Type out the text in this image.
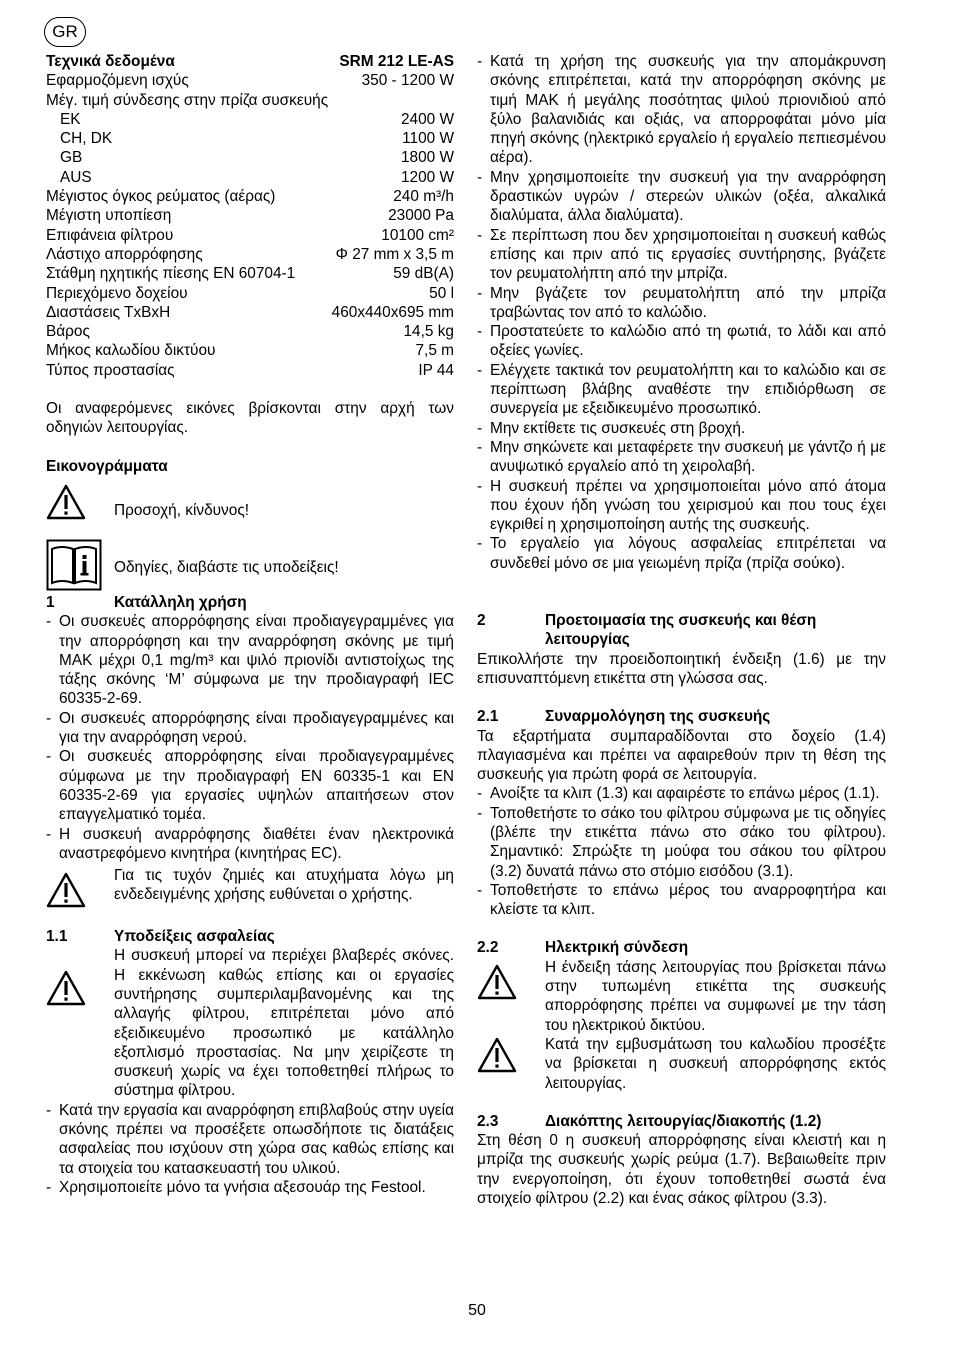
GR
Τεχνικά δεδομένα	SRM 212 LE-AS
Εφαρμοζόμενη ισχύς	350 - 1200 W
Μέγ. τιμή σύνδεσης στην πρίζα συσκευής
EK	2400 W
CH, DK	1100 W
GB	1800 W
AUS	1200 W
Μέγιστος όγκος ρεύματος (αέρας)	240 m³/h
Μέγιστη υποπίεση	23000 Pa
Επιφάνεια φίλτρου	10100 cm²
Λάστιχο απορρόφησης	Φ 27 mm x 3,5 m
Στάθμη ηχητικής πίεσης EN 60704-1	59 dB(A)
Περιεχόμενο δοχείου	50 l
Διαστάσεις ΤxΒxΗ	460x440x695 mm
Βάρος	14,5 kg
Μήκος καλωδίου δικτύου	7,5 m
Τύπος προστασίας	IP 44
Οι αναφερόμενες εικόνες βρίσκονται στην αρχή των οδηγιών λειτουργίας.
Εικονογράμματα
Προσοχή, κίνδυνος!
Οδηγίες, διαβάστε τις υποδείξεις!
1	Κατάλληλη χρήση
- Οι συσκευές απορρόφησης είναι προδιαγεγραμμένες για την απορρόφηση και την αναρρόφηση σκόνης με τιμή MAK μέχρι 0,1 mg/m³ και ψιλό πριονίδι αντιστοίχως της τάξης σκόνης ‘M’ σύμφωνα με την προδιαγραφή IEC 60335-2-69.
- Οι συσκευές απορρόφησης είναι προδιαγεγραμμένες και για την αναρρόφηση νερού.
- Οι συσκευές απορρόφησης είναι προδιαγεγραμμένες σύμφωνα με την προδιαγραφή EN 60335-1 και EN 60335-2-69 για εργασίες υψηλών απαιτήσεων στον επαγγελματικό τομέα.
- Η συσκευή αναρρόφησης διαθέτει έναν ηλεκτρονικά αναστρεφόμενο κινητήρα (κινητήρας EC).
Για τις τυχόν ζημιές και ατυχήματα λόγω μη ενδεδειγμένης χρήσης ευθύνεται ο χρήστης.
1.1	Υποδείξεις ασφαλείας
Η συσκευή μπορεί να περιέχει βλαβερές σκόνες. Η εκκένωση καθώς επίσης και οι εργασίες συντήρησης συμπεριλαμβανομένης και της αλλαγής φίλτρου, επιτρέπεται μόνο από εξειδικευμένο προσωπικό με κατάλληλο εξοπλισμό προστασίας. Να μην χειρίζεστε τη συσκευή χωρίς να έχει τοποθετηθεί πλήρως το σύστημα φίλτρου.
- Κατά την εργασία και αναρρόφηση επιβλαβούς στην υγεία σκόνης πρέπει να προσέξετε οπωσδήποτε τις διατάξεις ασφαλείας που ισχύουν στη χώρα σας καθώς επίσης και τα στοιχεία του κατασκευαστή του υλικού.
- Χρησιμοποιείτε μόνο τα γνήσια αξεσουάρ της Festool.
- Κατά τη χρήση της συσκευής για την απομάκρυνση σκόνης επιτρέπεται, κατά την απορρόφηση σκόνης με τιμή MAK ή μεγάλης ποσότητας ψιλού πριονιδιού από ξύλο βαλανιδιάς και οξιάς, να απορροφάται μόνο μία πηγή σκόνης (ηλεκτρικό εργαλείο ή εργαλείο πεπιεσμένου αέρα).
- Μην χρησιμοποιείτε την συσκευή για την αναρρόφηση δραστικών υγρών / στερεών υλικών (οξέα, αλκαλικά διαλύματα, άλλα διαλύματα).
- Σε περίπτωση που δεν χρησιμοποιείται η συσκευή καθώς επίσης και πριν από τις εργασίες συντήρησης, βγάζετε τον ρευματολήπτη από την μπρίζα.
- Μην βγάζετε τον ρευματολήπτη από την μπρίζα τραβώντας τον από το καλώδιο.
- Προστατεύετε το καλώδιο από τη φωτιά, το λάδι και από οξείες γωνίες.
- Ελέγχετε τακτικά τον ρευματολήπτη και το καλώδιο και σε περίπτωση βλάβης αναθέστε την επιδιόρθωση σε συνεργεία με εξειδικευμένο προσωπικό.
- Μην εκτίθετε τις συσκευές στη βροχή.
- Μην σηκώνετε και μεταφέρετε την συσκευή με γάντζο ή με ανυψωτικό εργαλείο από τη χειρολαβή.
- Η συσκευή πρέπει να χρησιμοποιείται μόνο από άτομα που έχουν ήδη γνώση του χειρισμού και που τους έχει εγκριθεί η χρησιμοποίηση αυτής της συσκευής.
- Το εργαλείο για λόγους ασφαλείας επιτρέπεται να συνδεθεί μόνο σε μια γειωμένη πρίζα (πρίζα σούκο).
2	Προετοιμασία της συσκευής και θέση λειτουργίας
Επικολλήστε την προειδοποιητική ένδειξη (1.6) με την επισυναπτόμενη ετικέττα στη γλώσσα σας.
2.1	Συναρμολόγηση της συσκευής
Τα εξαρτήματα συμπαραδίδονται στο δοχείο (1.4) πλαγιασμένα και πρέπει να αφαιρεθούν πριν τη θέση της συσκευής για πρώτη φορά σε λειτουργία.
- Ανοίξτε τα κλιπ (1.3) και αφαιρέστε το επάνω μέρος (1.1).
- Τοποθετήστε το σάκο του φίλτρου σύμφωνα με τις οδηγίες (βλέπε την ετικέττα πάνω στο σάκο του φίλτρου). Σημαντικό: Σπρώξτε τη μούφα του σάκου του φίλτρου (3.2) δυνατά πάνω στο στόμιο εισόδου (3.1).
- Τοποθετήστε το επάνω μέρος του αναρροφητήρα και κλείστε τα κλιπ.
2.2	Ηλεκτρική σύνδεση
Η ένδειξη τάσης λειτουργίας που βρίσκεται πάνω στην τυπωμένη ετικέττα της συσκευής απορρόφησης πρέπει να συμφωνεί με την τάση του ηλεκτρικού δικτύου.
Κατά την εμβυσμάτωση του καλωδίου προσέξτε να βρίσκεται η συσκευή απορρόφησης εκτός λειτουργίας.
2.3	Διακόπτης λειτουργίας/διακοπής (1.2)
Στη θέση 0 η συσκευή απορρόφησης είναι κλειστή και η μπρίζα της συσκευής χωρίς ρεύμα (1.7). Βεβαιωθείτε πριν την ενεργοποίηση, ότι έχουν τοποθετηθεί σωστά ένα στοιχείο φίλτρου (2.2) και ένας σάκος φίλτρου (3.3).
50
